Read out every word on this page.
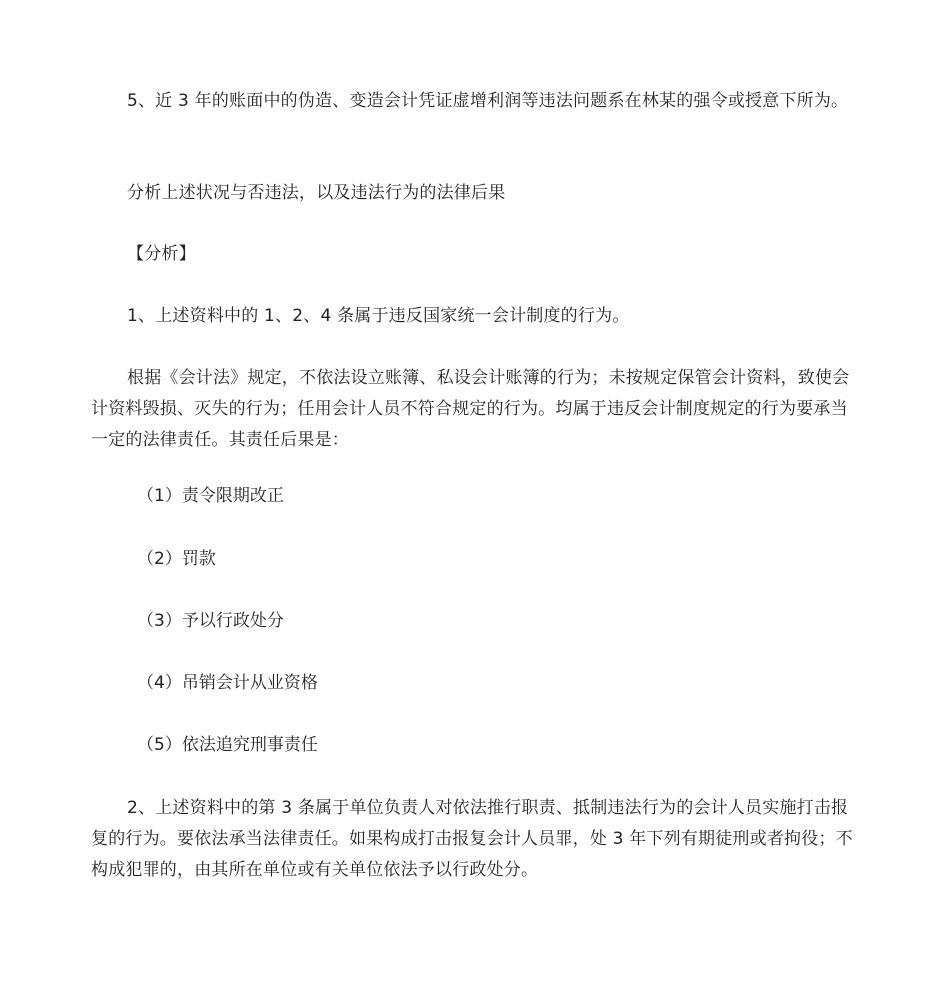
5、近 3 年的账面中的伪造、变造会计凭证虚增利润等违法问题系在林某的强令或授意下所为。

分析上述状况与否违法，以及违法行为的法律后果

【分析】

1、上述资料中的 1、2、4 条属于违反国家统一会计制度的行为。

根据《会计法》规定，不依法设立账簿、私设会计账簿的行为；未按规定保管会计资料，致使会计资料毁损、灭失的行为；任用会计人员不符合规定的行为。均属于违反会计制度规定的行为要承当一定的法律责任。其责任后果是：

（1）责令限期改正

（2）罚款

（3）予以行政处分

（4）吊销会计从业资格

（5）依法追究刑事责任

2、上述资料中的第 3 条属于单位负责人对依法推行职责、抵制违法行为的会计人员实施打击报复的行为。要依法承当法律责任。如果构成打击报复会计人员罪，处 3 年下列有期徒刑或者拘役；不构成犯罪的，由其所在单位或有关单位依法予以行政处分。
